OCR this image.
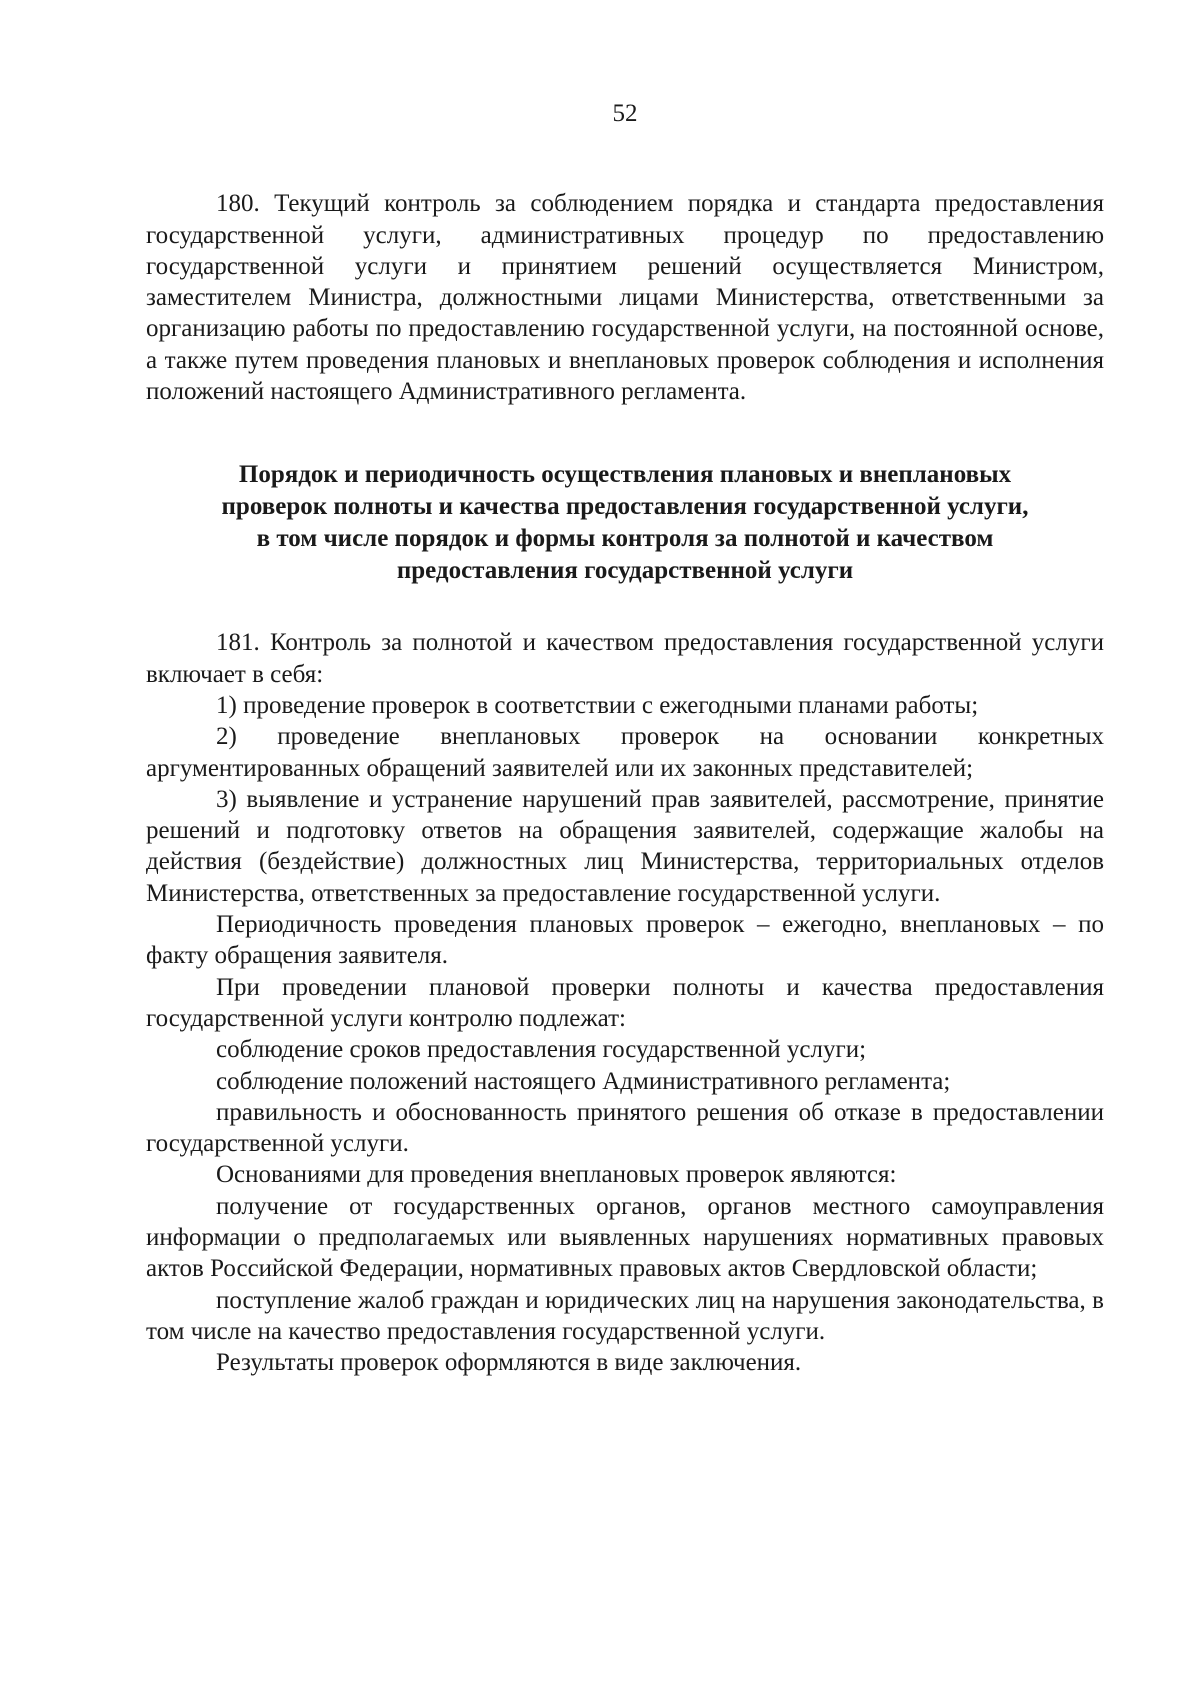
52

180. Текущий контроль за соблюдением порядка и стандарта предоставления государственной услуги, административных процедур по предоставлению государственной услуги и принятием решений осуществляется Министром, заместителем Министра, должностными лицами Министерства, ответственными за организацию работы по предоставлению государственной услуги, на постоянной основе, а также путем проведения плановых и внеплановых проверок соблюдения и исполнения положений настоящего Административного регламента.

Порядок и периодичность осуществления плановых и внеплановых
проверок полноты и качества предоставления государственной услуги,
в том числе порядок и формы контроля за полнотой и качеством
предоставления государственной услуги

181. Контроль за полнотой и качеством предоставления государственной услуги включает в себя:

1) проведение проверок в соответствии с ежегодными планами работы;

2) проведение внеплановых проверок на основании конкретных аргументированных обращений заявителей или их законных представителей;

3) выявление и устранение нарушений прав заявителей, рассмотрение, принятие решений и подготовку ответов на обращения заявителей, содержащие жалобы на действия (бездействие) должностных лиц Министерства, территориальных отделов Министерства, ответственных за предоставление государственной услуги.

Периодичность проведения плановых проверок – ежегодно, внеплановых – по факту обращения заявителя.

При проведении плановой проверки полноты и качества предоставления государственной услуги контролю подлежат:

соблюдение сроков предоставления государственной услуги;

соблюдение положений настоящего Административного регламента;

правильность и обоснованность принятого решения об отказе в предоставлении государственной услуги.

Основаниями для проведения внеплановых проверок являются:

получение от государственных органов, органов местного самоуправления информации о предполагаемых или выявленных нарушениях нормативных правовых актов Российской Федерации, нормативных правовых актов Свердловской области;

поступление жалоб граждан и юридических лиц на нарушения законодательства, в том числе на качество предоставления государственной услуги.

Результаты проверок оформляются в виде заключения.
